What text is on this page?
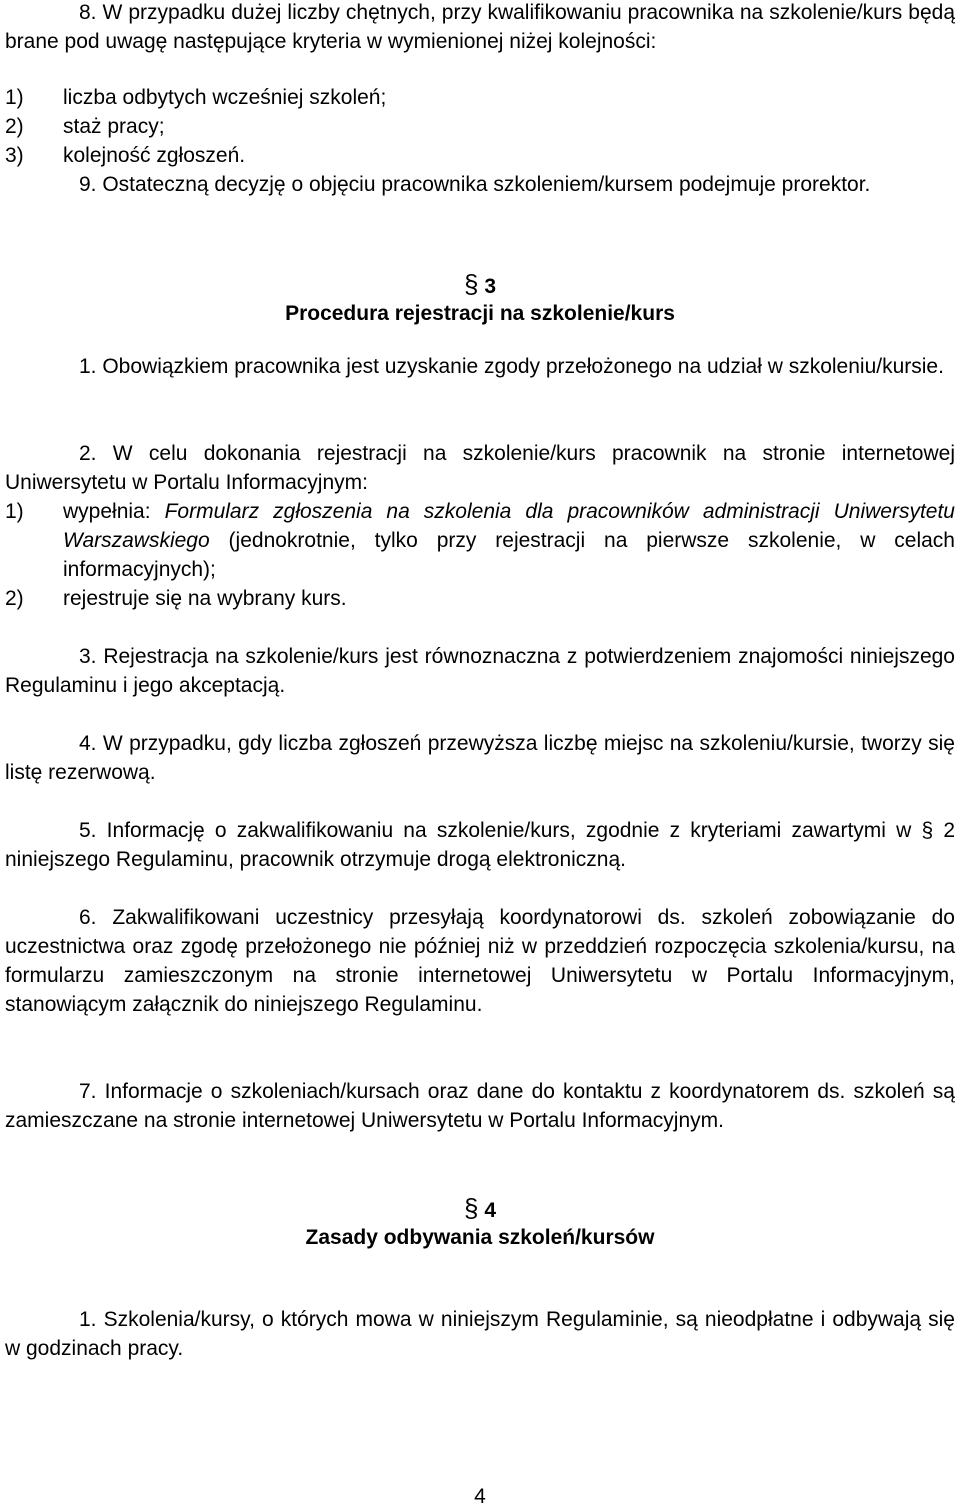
8. W przypadku dużej liczby chętnych, przy kwalifikowaniu pracownika na szkolenie/kurs będą brane pod uwagę następujące kryteria w wymienionej niżej kolejności:

1) liczba odbytych wcześniej szkoleń;
2) staż pracy;
3) kolejność zgłoszeń.

9. Ostateczną decyzję o objęciu pracownika szkoleniem/kursem podejmuje prorektor.

§ 3
Procedura rejestracji na szkolenie/kurs

1. Obowiązkiem pracownika jest uzyskanie zgody przełożonego na udział w szkoleniu/kursie.

2. W celu dokonania rejestracji na szkolenie/kurs pracownik na stronie internetowej Uniwersytetu w Portalu Informacyjnym:

1) wypełnia: Formularz zgłoszenia na szkolenia dla pracowników administracji Uniwersytetu Warszawskiego (jednokrotnie, tylko przy rejestracji na pierwsze szkolenie, w celach informacyjnych);
2) rejestruje się na wybrany kurs.

3. Rejestracja na szkolenie/kurs jest równoznaczna z potwierdzeniem znajomości niniejszego Regulaminu i jego akceptacją.

4. W przypadku, gdy liczba zgłoszeń przewyższa liczbę miejsc na szkoleniu/kursie, tworzy się listę rezerwową.

5. Informację o zakwalifikowaniu na szkolenie/kurs, zgodnie z kryteriami zawartymi w § 2 niniejszego Regulaminu, pracownik otrzymuje drogą elektroniczną.

6. Zakwalifikowani uczestnicy przesyłają koordynatorowi ds. szkoleń zobowiązanie do uczestnictwa oraz zgodę przełożonego nie później niż w przeddzień rozpoczęcia szkolenia/kursu, na formularzu zamieszczonym na stronie internetowej Uniwersytetu w Portalu Informacyjnym, stanowiącym załącznik do niniejszego Regulaminu.

7. Informacje o szkoleniach/kursach oraz dane do kontaktu z koordynatorem ds. szkoleń są zamieszczane na stronie internetowej Uniwersytetu w Portalu Informacyjnym.

§ 4
Zasady odbywania szkoleń/kursów

1. Szkolenia/kursy, o których mowa w niniejszym Regulaminie, są nieodpłatne i odbywają się w godzinach pracy.

4
